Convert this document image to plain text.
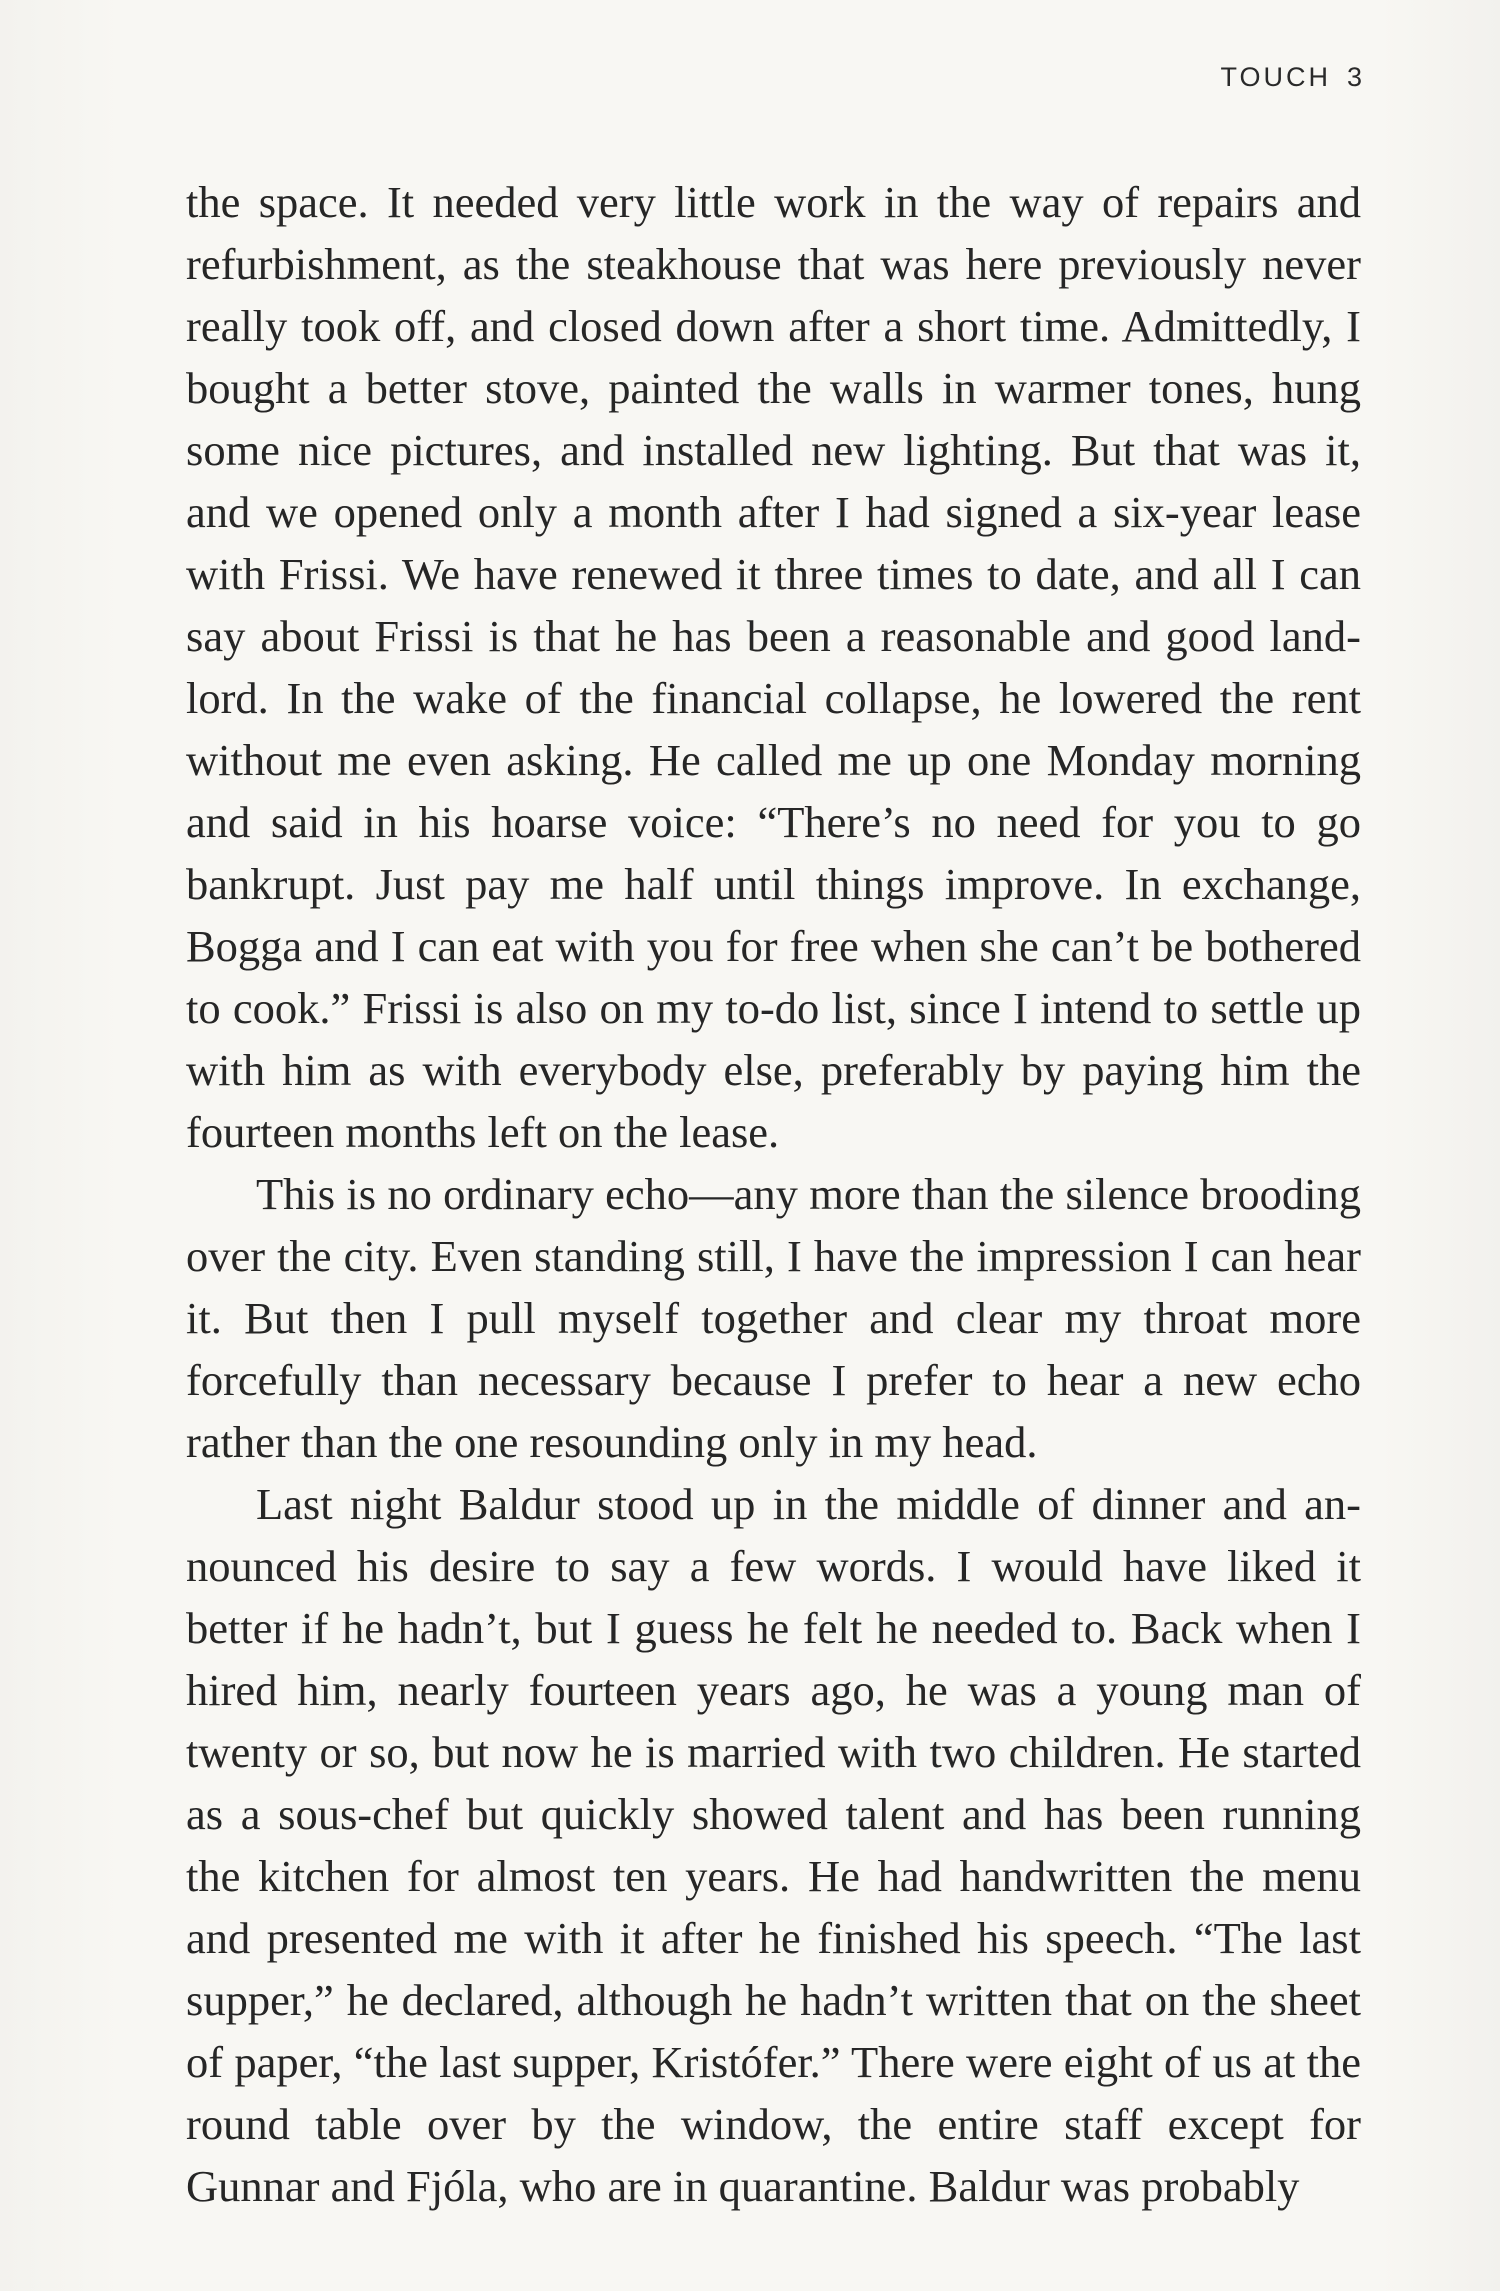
TOUCH 3

the space. It needed very little work in the way of repairs and refurbishment, as the steakhouse that was here previously never really took off, and closed down after a short time. Admittedly, I bought a better stove, painted the walls in warmer tones, hung some nice pictures, and installed new lighting. But that was it, and we opened only a month after I had signed a six-year lease with Frissi. We have renewed it three times to date, and all I can say about Frissi is that he has been a reasonable and good landlord. In the wake of the financial collapse, he lowered the rent without me even asking. He called me up one Monday morning and said in his hoarse voice: “There’s no need for you to go bankrupt. Just pay me half until things improve. In exchange, Bogga and I can eat with you for free when she can’t be bothered to cook.” Frissi is also on my to-do list, since I intend to settle up with him as with everybody else, preferably by paying him the fourteen months left on the lease.

This is no ordinary echo—any more than the silence brooding over the city. Even standing still, I have the impression I can hear it. But then I pull myself together and clear my throat more forcefully than necessary because I prefer to hear a new echo rather than the one resounding only in my head.

Last night Baldur stood up in the middle of dinner and announced his desire to say a few words. I would have liked it better if he hadn’t, but I guess he felt he needed to. Back when I hired him, nearly fourteen years ago, he was a young man of twenty or so, but now he is married with two children. He started as a sous-chef but quickly showed talent and has been running the kitchen for almost ten years. He had handwritten the menu and presented me with it after he finished his speech. “The last supper,” he declared, although he hadn’t written that on the sheet of paper, “the last supper, Kristófer.” There were eight of us at the round table over by the window, the entire staff except for Gunnar and Fjóla, who are in quarantine. Baldur was probably
